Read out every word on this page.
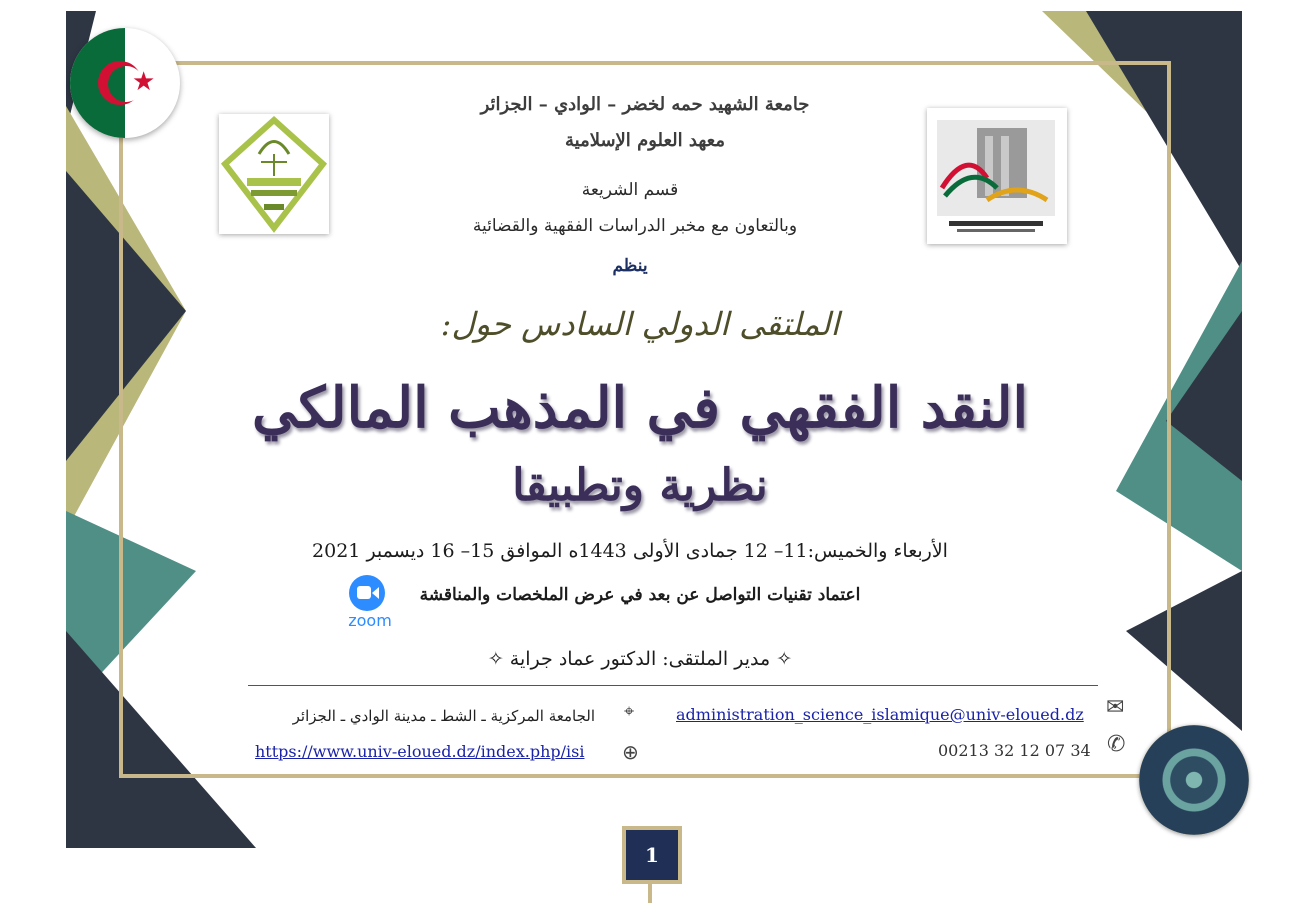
★
جامعة الشهيد حمه لخضر – الوادي – الجزائر
معهد العلوم الإسلامية
قسم الشريعة
وبالتعاون مع مخبر الدراسات الفقهية والقضائية
ينظم
الملتقى الدولي السادس حول:
النقد الفقهي في المذهب المالكي
نظرية وتطبيقا
الأربعاء والخميس:11– 12 جمادى الأولى 1443ه الموافق 15– 16 ديسمبر 2021
اعتماد تقنيات التواصل عن بعد في عرض الملخصات والمناقشة
zoom
✧ مدير الملتقى: الدكتور عماد جراية ✧
✉
administration_science_islamique@univ-eloued.dz
✆
00213 32 12 07 34
⌖
الجامعة المركزية ـ الشط ـ مدينة الوادي ـ الجزائر
⊕
https://www.univ-eloued.dz/index.php/isi
1
